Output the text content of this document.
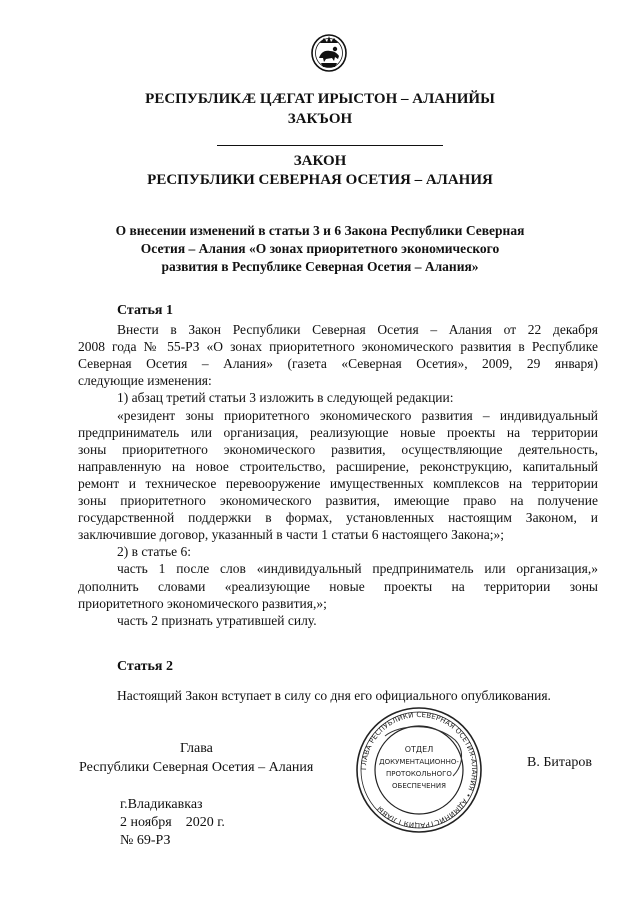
РЕСПУБЛИКӔ ЦӔГАТ ИРЫСТОН – АЛАНИЙЫ
ЗАКЪОН
ЗАКОН
РЕСПУБЛИКИ СЕВЕРНАЯ ОСЕТИЯ – АЛАНИЯ
О внесении изменений в статьи 3 и 6 Закона Республики Северная
Осетия – Алания «О зонах приоритетного экономического
развития в Республике Северная Осетия – Алания»
Статья 1
Внести в Закон Республики Северная Осетия – Алания от 22 декабря
2008 года № 55-РЗ «О зонах приоритетного экономического развития в Республике
Северная Осетия – Алания» (газета «Северная Осетия», 2009, 29 января)
следующие изменения:
1) абзац третий статьи 3 изложить в следующей редакции:
«резидент зоны приоритетного экономического развития – индивидуальный
предприниматель или организация, реализующие новые проекты на территории
зоны приоритетного экономического развития, осуществляющие деятельность,
направленную на новое строительство, расширение, реконструкцию, капитальный
ремонт и техническое перевооружение имущественных комплексов на территории
зоны приоритетного экономического развития, имеющие право на получение
государственной поддержки в формах, установленных настоящим Законом, и
заключившие договор, указанный в части 1 статьи 6 настоящего Закона;»;
2) в статье 6:
часть 1 после слов «индивидуальный предприниматель или организация,»
дополнить словами «реализующие новые проекты на территории зоны
приоритетного экономического развития,»;
часть 2 признать утратившей силу.
Статья 2
Настоящий Закон вступает в силу со дня его официального опубликования.
Глава
Республики Северная Осетия – Алания	ГЛАВА РЕСПУБЛИКИ СЕВЕРНАЯ ОСЕТИЯ-АЛАНИЯ • АДМИНИСТРАЦИЯ ГЛАВЫ
ОТДЕЛ
ДОКУМЕНТАЦИОННО-
ПРОТОКОЛЬНОГО
ОБЕСПЕЧЕНИЯ
В. Битаров
г.Владикавказ
2 ноября    2020 г.
№ 69-РЗ
